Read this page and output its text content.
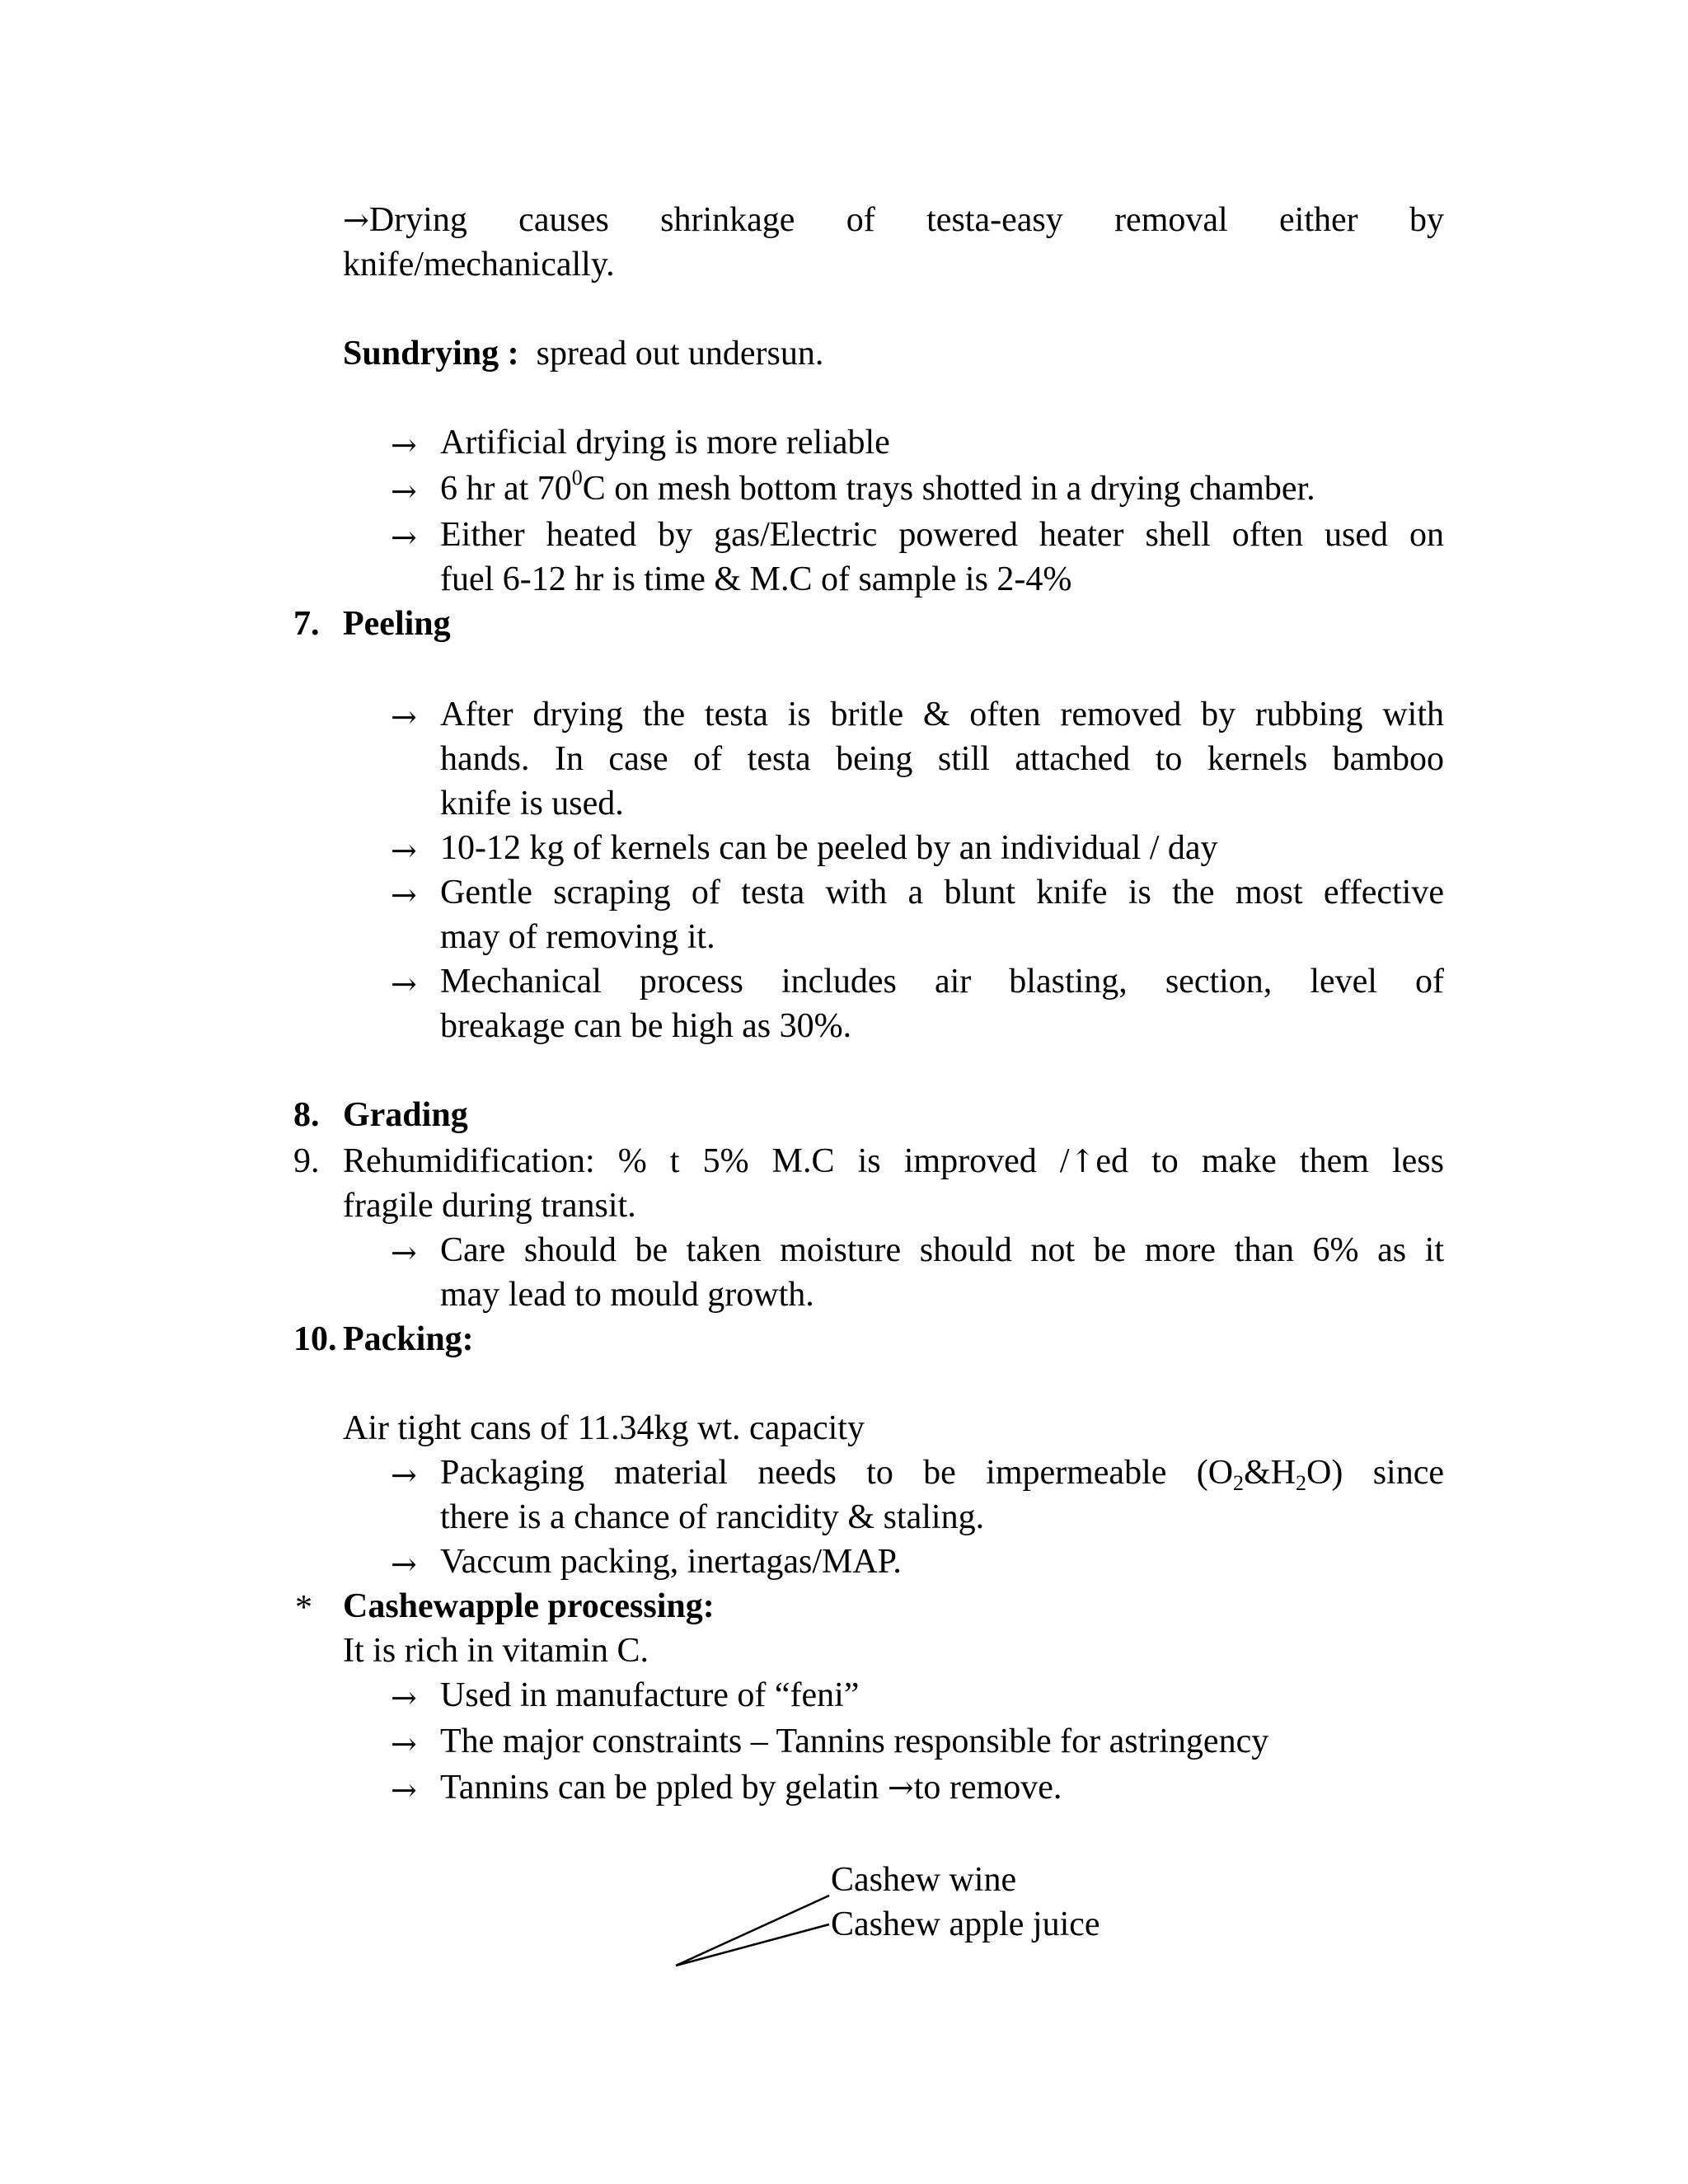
→Drying causes shrinkage of testa-easy removal either by
knife/mechanically.
Sundrying : spread out undersun.
→ Artificial drying is more reliable
→ 6 hr at $70^0C$ on mesh bottom trays shotted in a drying chamber.
→ Either heated by gas/Electric powered heater shell often used on
fuel 6-12 hr is time & M.C of sample is 2-4%
7. Peeling
→ After drying the testa is britle & often removed by rubbing with
hands. In case of testa being still attached to kernels bamboo
knife is used.
→ 10-12 kg of kernels can be peeled by an individual / day
→ Gentle scraping of testa with a blunt knife is the most effective
may of removing it.
→ Mechanical process includes air blasting, section, level of
breakage can be high as 30%.
8. Grading
9. Rehumidification: % t 5% M.C is improved /↑ed to make them less
fragile during transit.
→ Care should be taken moisture should not be more than 6% as it
may lead to mould growth.
10. Packing:
Air tight cans of 11.34kg wt. capacity
→ Packaging material needs to be impermeable $(O_2\&H_2O)$ since
there is a chance of rancidity & staling.
→ Vaccum packing, inertagas/MAP.
* Cashewapple processing:
It is rich in vitamin C.
→ Used in manufacture of “feni”
→ The major constraints – Tannins responsible for astringency
→ Tannins can be ppled by gelatin →to remove.
Cashew wine
Cashew apple juice
